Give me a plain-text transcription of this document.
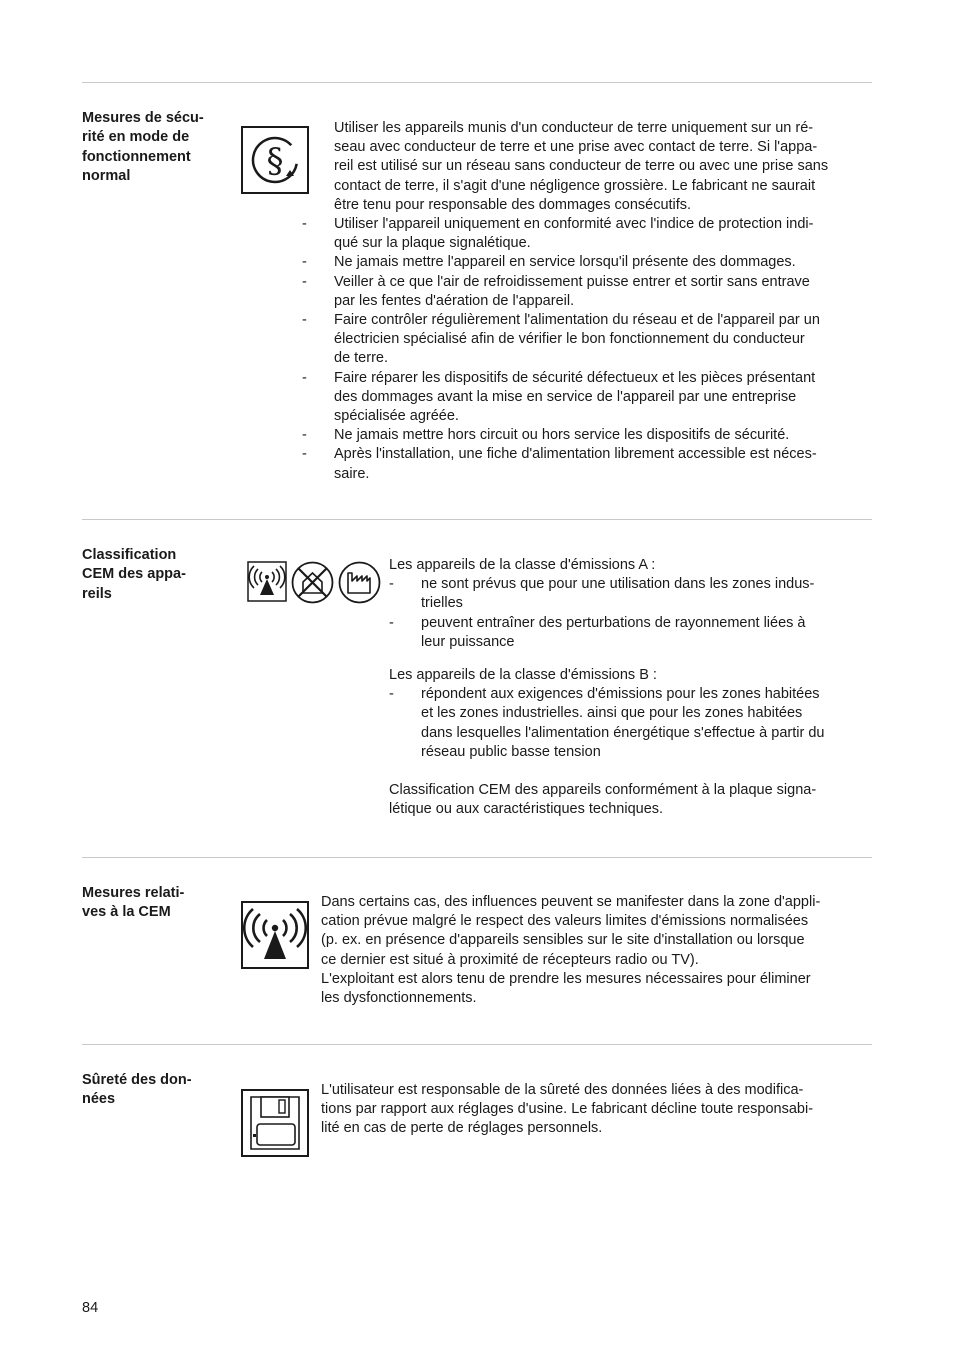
Mesures de sécu-
rité en mode de
fonctionnement
normal	§

Utiliser les appareils munis d'un conducteur de terre uniquement sur un ré-
seau avec conducteur de terre et une prise avec contact de terre. Si l'appa-
reil est utilisé sur un réseau sans conducteur de terre ou avec une prise sans
contact de terre, il s'agit d'une négligence grossière. Le fabricant ne saurait
être tenu pour responsable des dommages consécutifs.

- Utiliser l'appareil uniquement en conformité avec l'indice de protection indi-
qué sur la plaque signalétique.
- Ne jamais mettre l'appareil en service lorsqu'il présente des dommages.
- Veiller à ce que l'air de refroidissement puisse entrer et sortir sans entrave
par les fentes d'aération de l'appareil.
- Faire contrôler régulièrement l'alimentation du réseau et de l'appareil par un
électricien spécialisé afin de vérifier le bon fonctionnement du conducteur
de terre.
- Faire réparer les dispositifs de sécurité défectueux et les pièces présentant
des dommages avant la mise en service de l'appareil par une entreprise
spécialisée agréée.
- Ne jamais mettre hors circuit ou hors service les dispositifs de sécurité.
- Après l'installation, une fiche d'alimentation librement accessible est néces-
saire.
Classification
CEM des appa-
reils

Les appareils de la classe d'émissions A :

- ne sont prévus que pour une utilisation dans les zones indus-
trielles
- peuvent entraîner des perturbations de rayonnement liées à
leur puissance

Les appareils de la classe d'émissions B :

- répondent aux exigences d'émissions pour les zones habitées
et les zones industrielles. ainsi que pour les zones habitées
dans lesquelles l'alimentation énergétique s'effectue à partir du
réseau public basse tension

Classification CEM des appareils conformément à la plaque signa-
létique ou aux caractéristiques techniques.

Mesures relati-
ves à la CEM

Dans certains cas, des influences peuvent se manifester dans la zone d'appli-
cation prévue malgré le respect des valeurs limites d'émissions normalisées
(p. ex. en présence d'appareils sensibles sur le site d'installation ou lorsque
ce dernier est situé à proximité de récepteurs radio ou TV).
L'exploitant est alors tenu de prendre les mesures nécessaires pour éliminer
les dysfonctionnements.

Sûreté des don-
nées

L'utilisateur est responsable de la sûreté des données liées à des modifica-
tions par rapport aux réglages d'usine. Le fabricant décline toute responsabi-
lité en cas de perte de réglages personnels.

84
